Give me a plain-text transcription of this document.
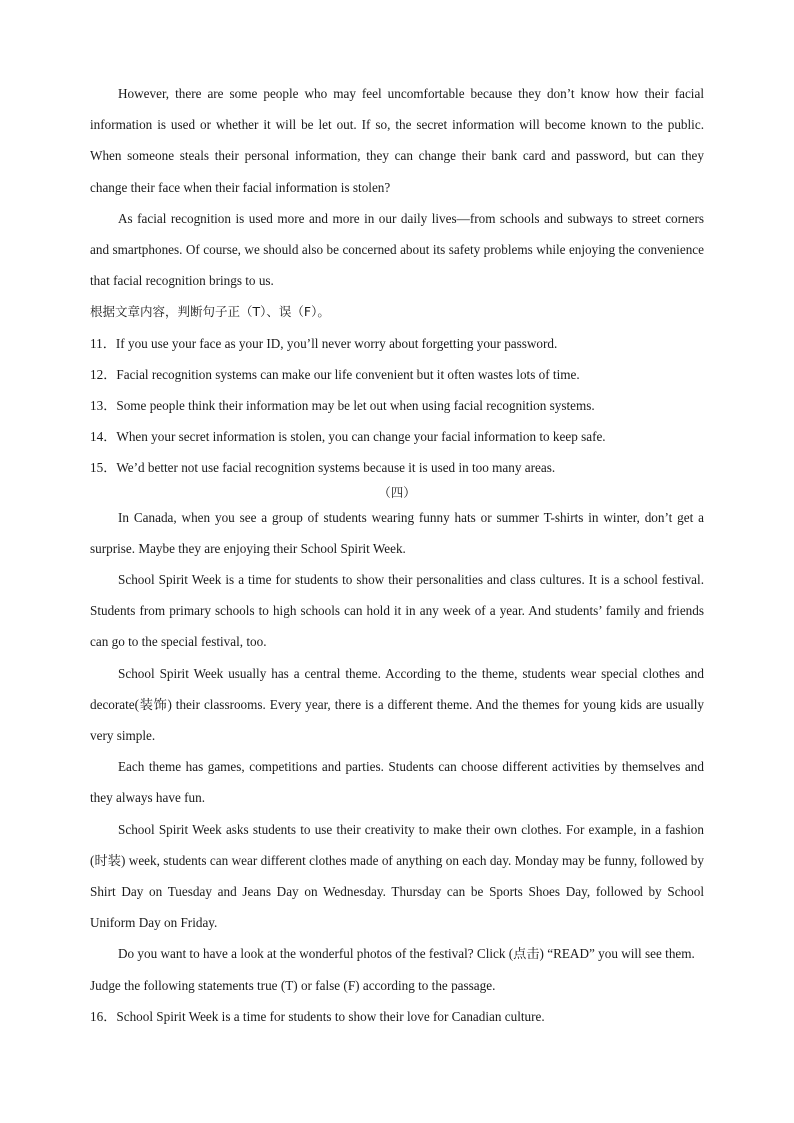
However, there are some people who may feel uncomfortable because they don’t know how their facial information is used or whether it will be let out. If so, the secret information will become known to the public. When someone steals their personal information, they can change their bank card and password, but can they change their face when their facial information is stolen?

As facial recognition is used more and more in our daily lives—from schools and subways to street corners and smartphones. Of course, we should also be concerned about its safety problems while enjoying the convenience that facial recognition brings to us.

根据文章内容，判断句子正（T）、误（F）。

11．If you use your face as your ID, you’ll never worry about forgetting your password.

12．Facial recognition systems can make our life convenient but it often wastes lots of time.

13．Some people think their information may be let out when using facial recognition systems.

14．When your secret information is stolen, you can change your facial information to keep safe.

15．We’d better not use facial recognition systems because it is used in too many areas.

（四）

In Canada, when you see a group of students wearing funny hats or summer T-shirts in winter, don’t get a surprise. Maybe they are enjoying their School Spirit Week.

School Spirit Week is a time for students to show their personalities and class cultures. It is a school festival. Students from primary schools to high schools can hold it in any week of a year. And students’ family and friends can go to the special festival, too.

School Spirit Week usually has a central theme. According to the theme, students wear special clothes and decorate(装饰) their classrooms. Every year, there is a different theme. And the themes for young kids are usually very simple.

Each theme has games, competitions and parties. Students can choose different activities by themselves and they always have fun.

School Spirit Week asks students to use their creativity to make their own clothes. For example, in a fashion (时装) week, students can wear different clothes made of anything on each day. Monday may be funny, followed by Shirt Day on Tuesday and Jeans Day on Wednesday. Thursday can be Sports Shoes Day, followed by School Uniform Day on Friday.

Do you want to have a look at the wonderful photos of the festival? Click (点击) “READ” you will see them.

Judge the following statements true (T) or false (F) according to the passage.

16．School Spirit Week is a time for students to show their love for Canadian culture.
